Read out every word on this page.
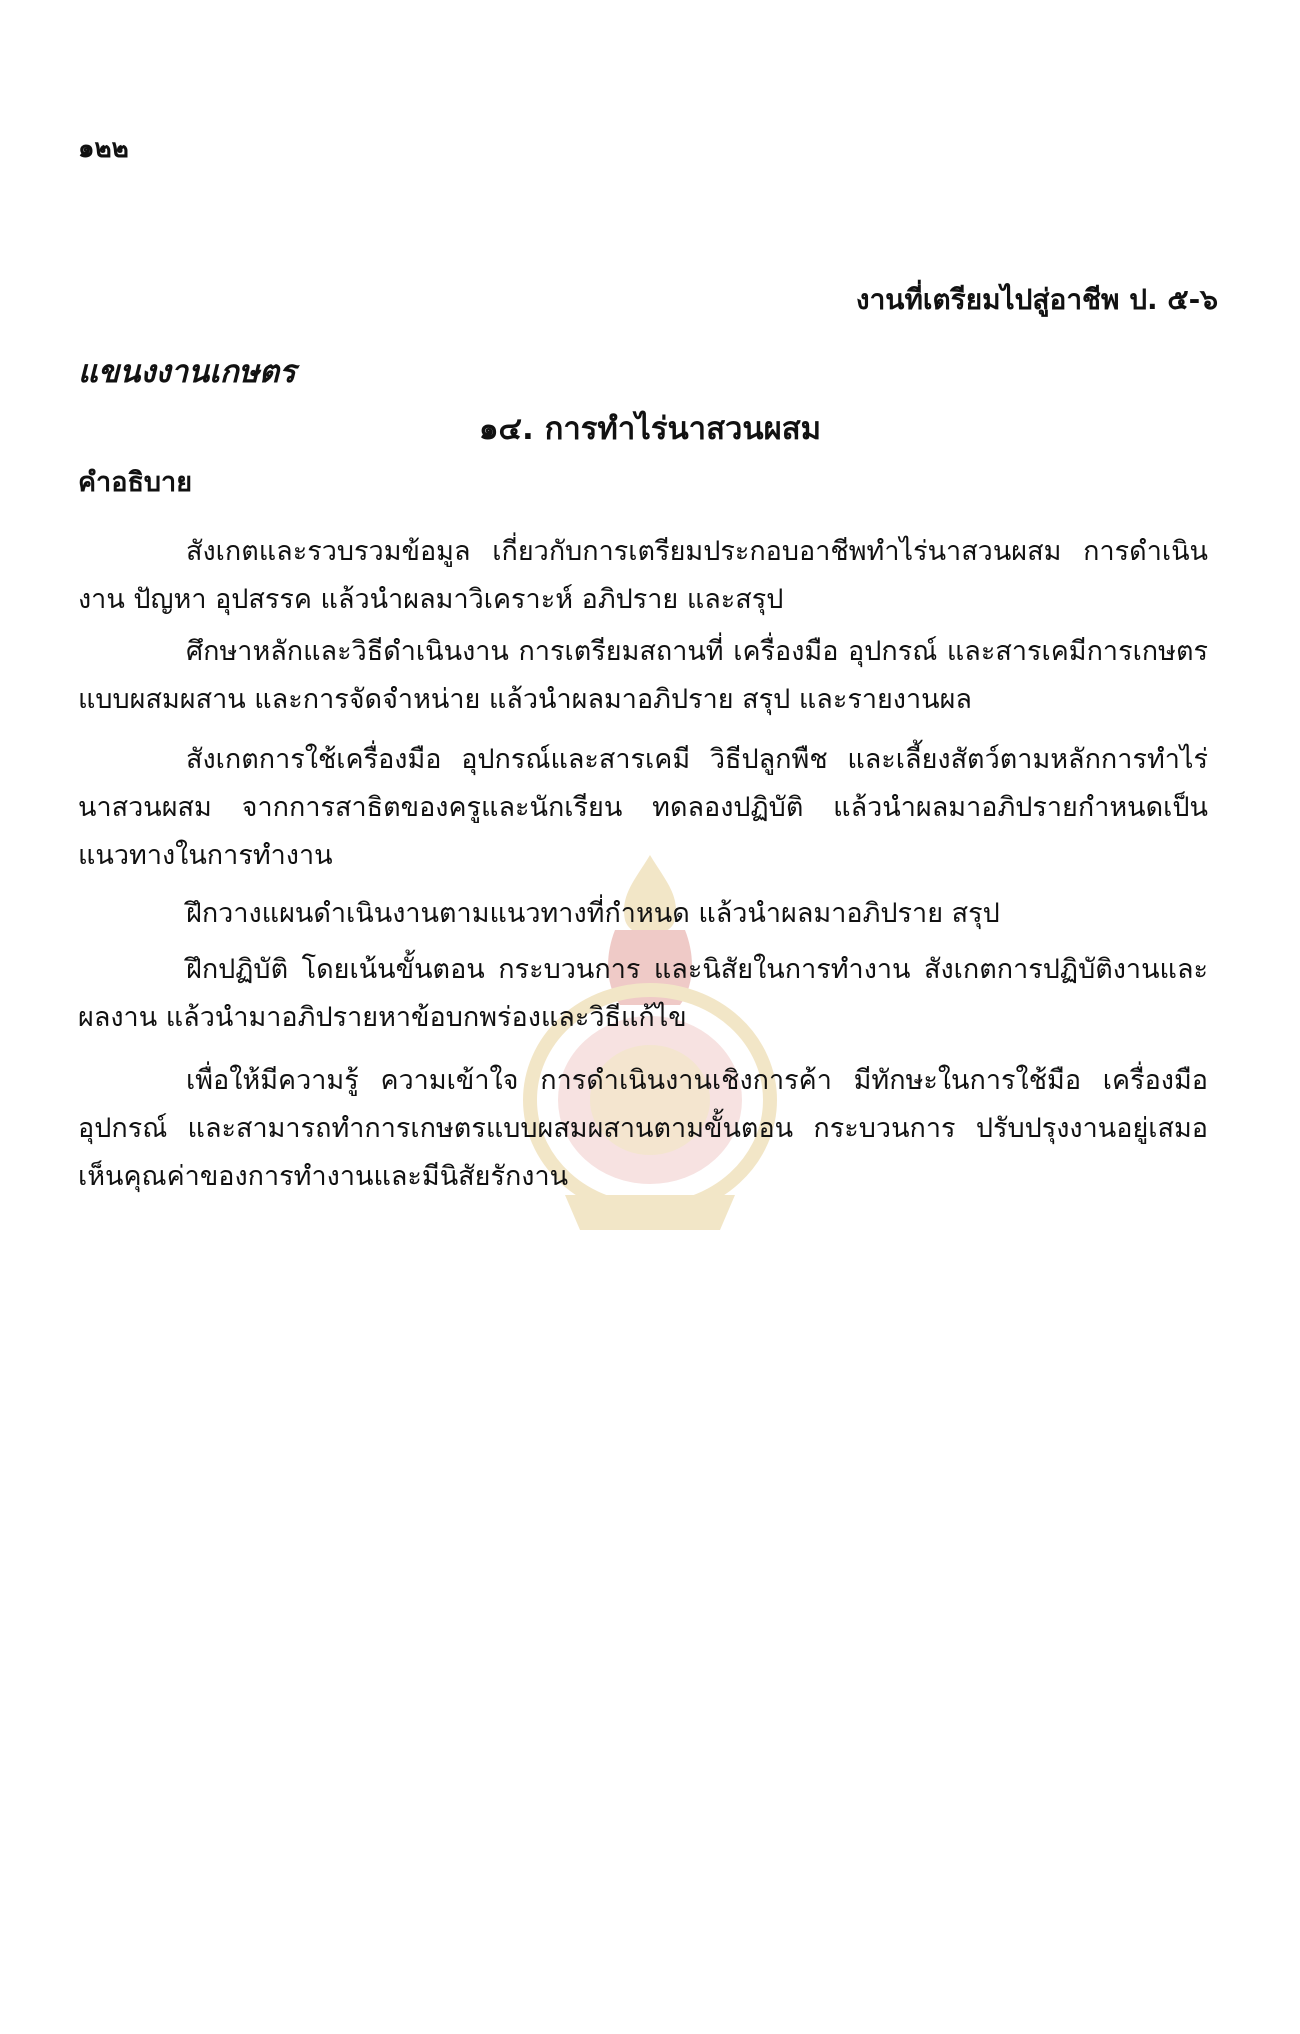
๑๒๒
งานที่เตรียมไปสู่อาชีพ ป. ๕-๖
แขนงงานเกษตร
๑๔. การทำไร่นาสวนผสม
คำอธิบาย
สังเกตและรวบรวมข้อมูล เกี่ยวกับการเตรียมประกอบอาชีพทำไร่นาสวนผสม การดำเนินงาน ปัญหา อุปสรรค แล้วนำผลมาวิเคราะห์ อภิปราย และสรุป
ศึกษาหลักและวิธีดำเนินงาน การเตรียมสถานที่ เครื่องมือ อุปกรณ์ และสารเคมีการเกษตร แบบผสมผสาน และการจัดจำหน่าย แล้วนำผลมาอภิปราย สรุป และรายงานผล
สังเกตการใช้เครื่องมือ อุปกรณ์และสารเคมี วิธีปลูกพืช และเลี้ยงสัตว์ตามหลักการทำไร่นาสวนผสม จากการสาธิตของครูและนักเรียน ทดลองปฏิบัติ แล้วนำผลมาอภิปรายกำหนดเป็นแนวทางในการทำงาน
ฝึกวางแผนดำเนินงานตามแนวทางที่กำหนด แล้วนำผลมาอภิปราย สรุป
ฝึกปฏิบัติ โดยเน้นขั้นตอน กระบวนการ และนิสัยในการทำงาน สังเกตการปฏิบัติงานและผลงาน แล้วนำมาอภิปรายหาข้อบกพร่องและวิธีแก้ไข
เพื่อให้มีความรู้ ความเข้าใจ การดำเนินงานเชิงการค้า มีทักษะในการใช้มือ เครื่องมือ อุปกรณ์ และสามารถทำการเกษตรแบบผสมผสานตามขั้นตอน กระบวนการ ปรับปรุงงานอยู่เสมอ เห็นคุณค่าของการทำงานและมีนิสัยรักงาน
